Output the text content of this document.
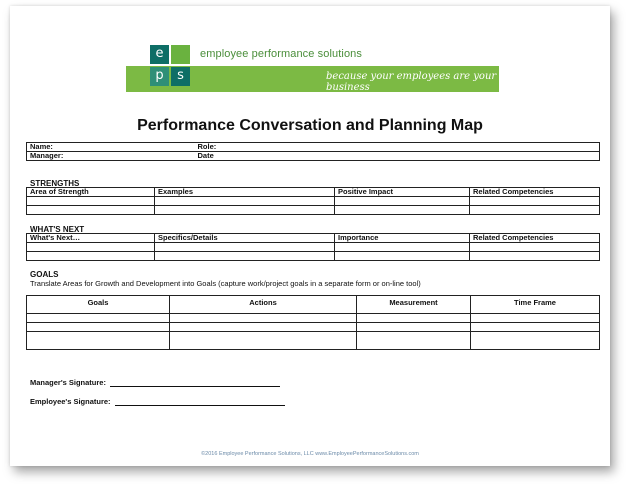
e
p	s
employee performance solutions
because your employees are your business
Performance Conversation and Planning Map
Name:	Role:
Manager:	Date
STRENGTHS
Area of Strength	Examples	Positive Impact	Related Competencies

WHAT'S NEXT
What's Next…	Specifics/Details	Importance	Related Competencies

GOALS
Translate Areas for Growth and Development into Goals (capture work/project goals in a separate form or on-line tool)
Goals	Actions	Measurement	Time Frame

Manager's Signature:
Employee's Signature:
©2016 Employee Performance Solutions, LLC www.EmployeePerformanceSolutions.com
